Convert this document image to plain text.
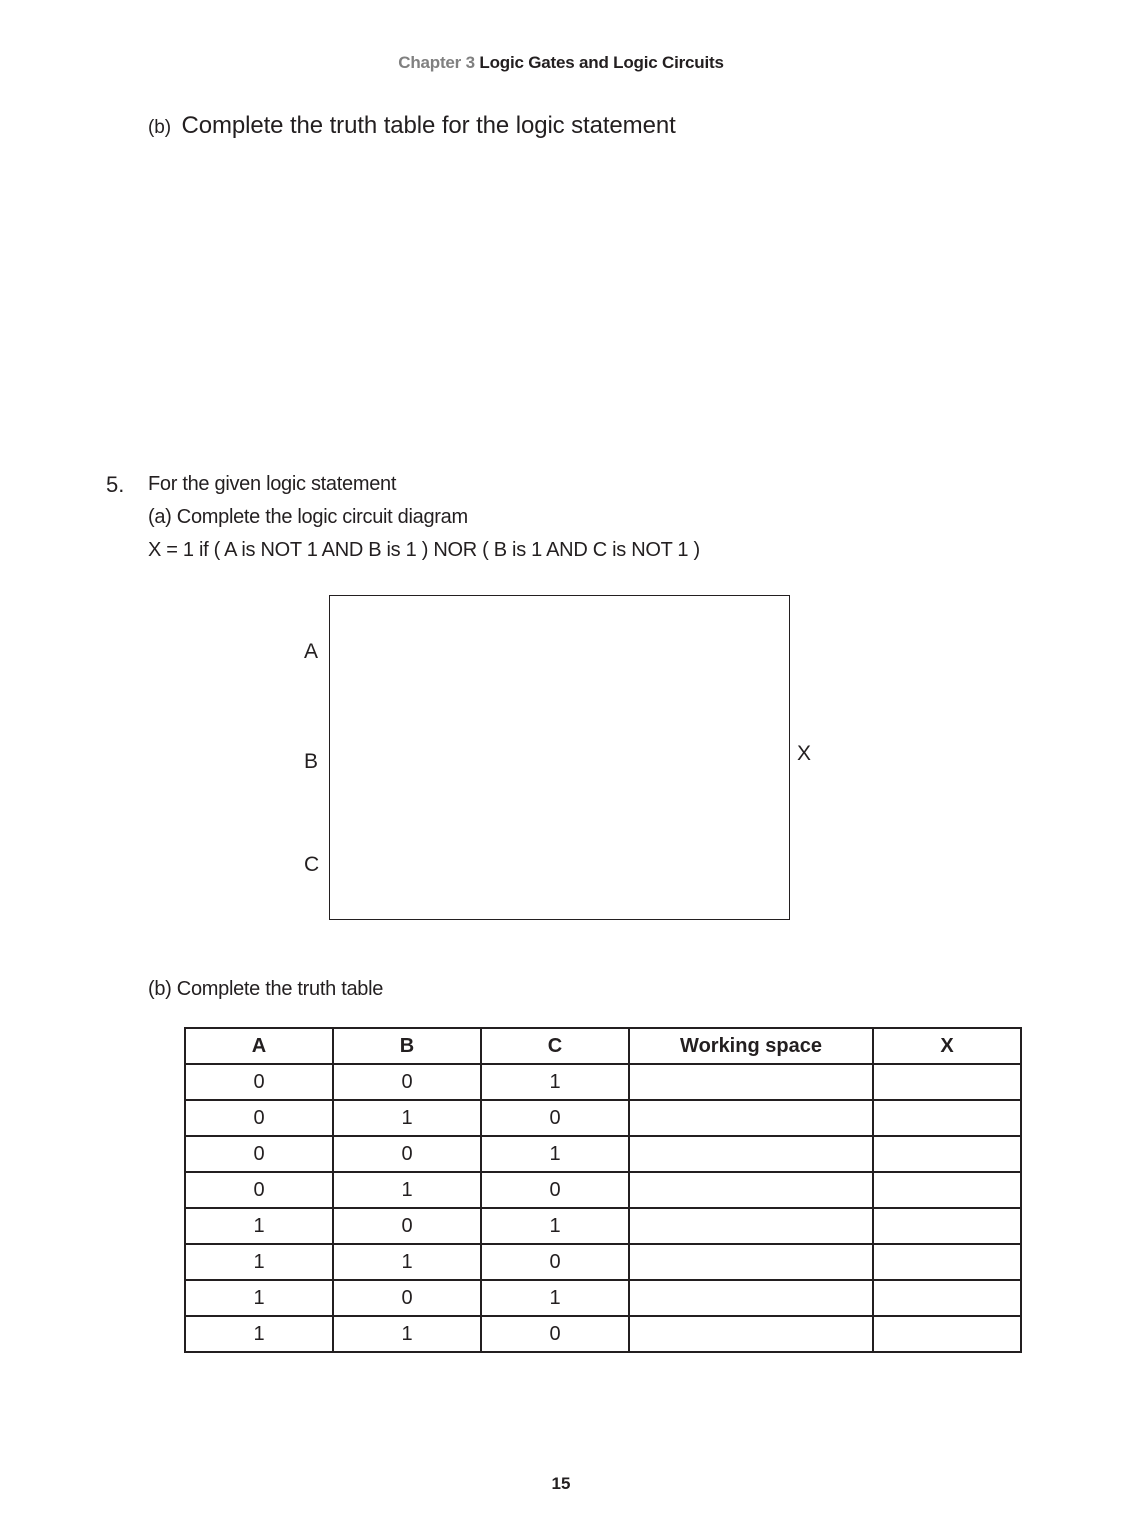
Chapter 3 Logic Gates and Logic Circuits
(b) Complete the truth table for the logic statement
5. For the given logic statement
(a) Complete the logic circuit diagram
X = 1 if ( A is NOT 1 AND B is 1 ) NOR ( B is 1 AND C is NOT 1 )
A
B
C
X
(b) Complete the truth table
A	B	C	Working space	X
0	0	1		
0	1	0		
0	0	1		
0	1	0		
1	0	1		
1	1	0		
1	0	1		
1	1	0		
15
